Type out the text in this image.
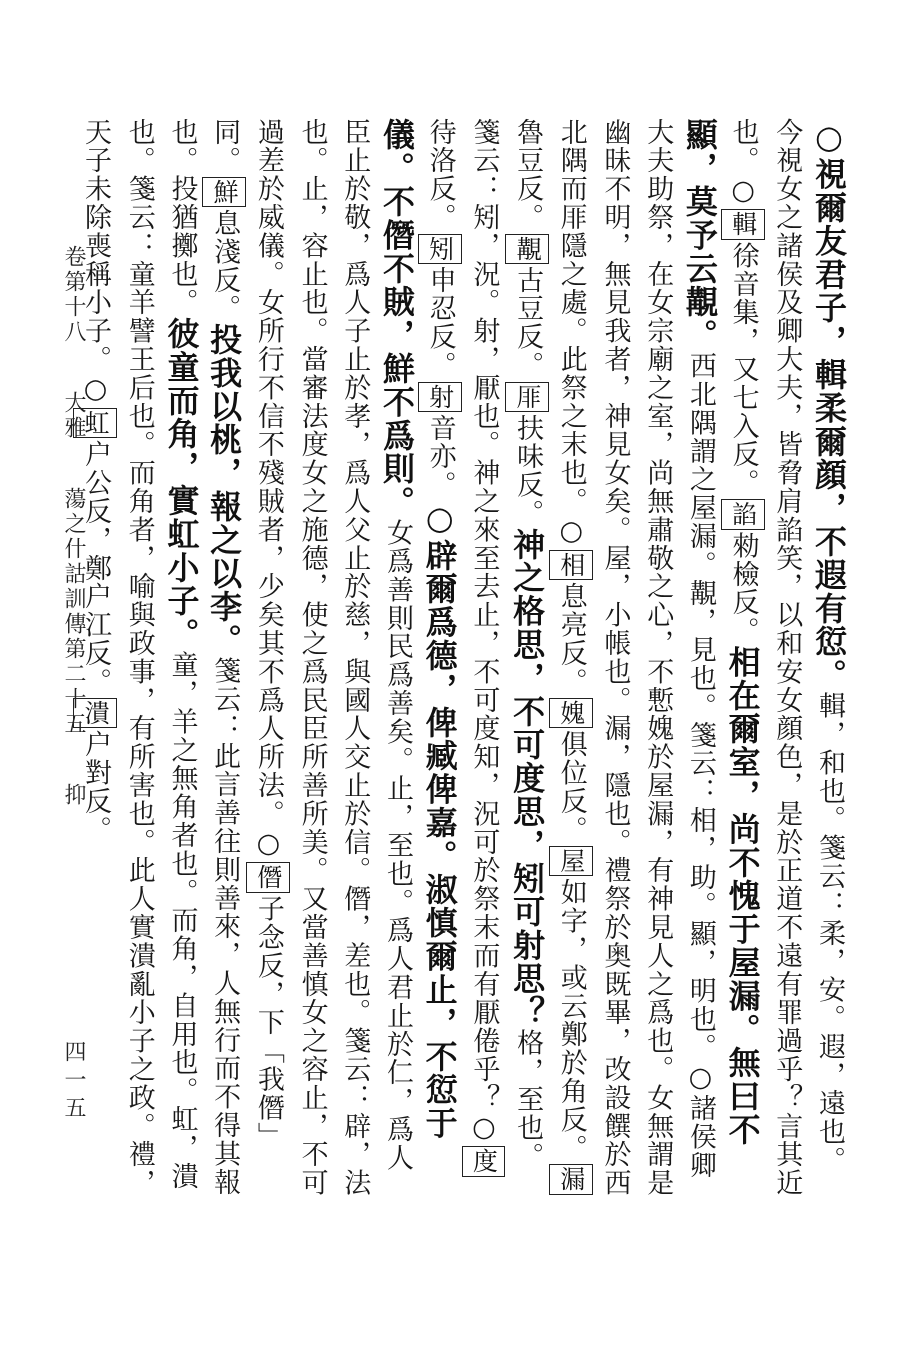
○視爾友君子，輯柔爾顔，不遐有愆。輯，和也。箋云：柔，安。遐，遠也。今視女之諸侯及卿大夫，皆脅肩諂笑，以和安女顔色，是於正道不遠有罪過乎？言其近也。○輯徐音集，又七入反。諂勑檢反。相在爾室，尚不愧于屋漏。無曰不顯，莫予云覯。西北隅謂之屋漏。覯，見也。箋云：相，助。顯，明也。○諸侯卿大夫助祭，在女宗廟之室，尚無肅敬之心，不慙媿於屋漏，有神見人之爲也。女無謂是幽昧不明，無見我者，神見女矣。屋，小帳也。漏，隱也。禮祭於奥既畢，改設饌於西北隅而厞隱之處。此祭之末也。○相息亮反。媿俱位反。屋如字，或云鄭於角反。漏魯豆反。覯古豆反。厞扶味反。神之格思，不可度思，矧可射思？格，至也。箋云：矧，況。射，厭也。神之來至去止，不可度知，況可於祭末而有厭倦乎？○度待洛反。矧申忍反。射音亦。○辟爾爲德，俾臧俾嘉。淑慎爾止，不愆于儀。不僭不賊，鮮不爲則。女爲善則民爲善矣。止，至也。爲人君止於仁，爲人臣止於敬，爲人子止於孝，爲人父止於慈，與國人交止於信。僭，差也。箋云：辟，法也。止，容止也。當審法度女之施德，使之爲民臣所善所美。又當善慎女之容止，不可過差於威儀。女所行不信不殘賊者，少矣其不爲人所法。○僭子念反，下「我僭」同。鮮息淺反。投我以桃，報之以李。箋云：此言善往則善來，人無行而不得其報也。投猶擲也。彼童而角，實虹小子。童，羊之無角者也。而角，自用也。虹，潰也。箋云：童羊譬王后也。而角者，喻與政事，有所害也。此人實潰亂小子之政。禮，天子未除喪稱小子。○虹户公反，鄭户江反。潰户對反。
卷第十八  大雅  蕩之什詁訓傳第二十五  抑
四一五
